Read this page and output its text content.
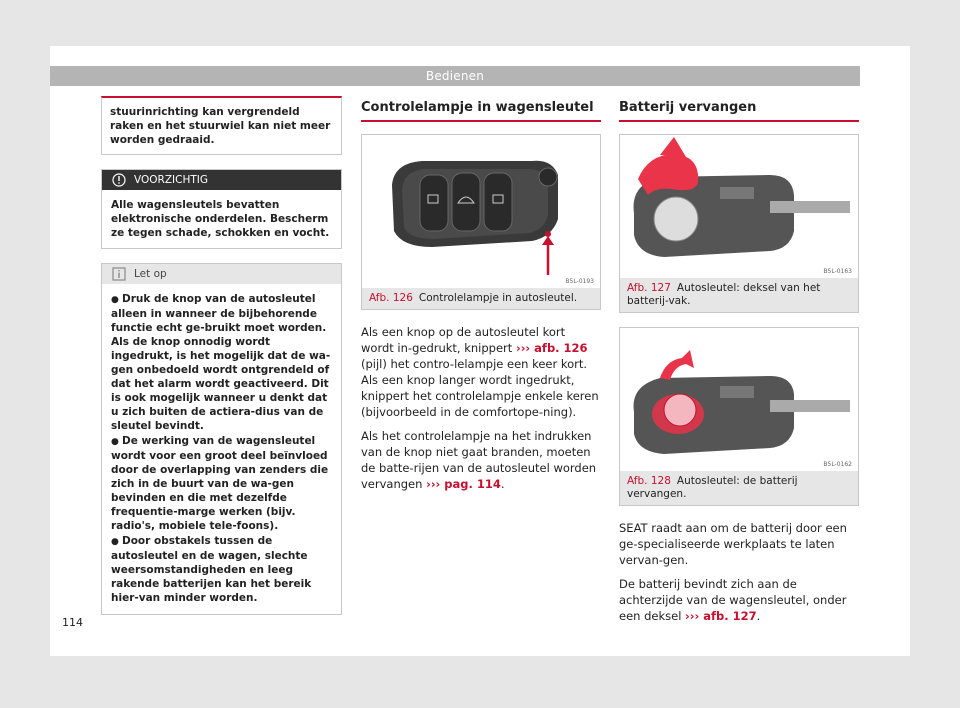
Bedienen
stuurinrichting kan vergrendeld raken en het stuurwiel kan niet meer worden gedraaid.
VOORZICHTIG
Alle wagensleutels bevatten elektronische onderdelen. Bescherm ze tegen schade, schokken en vocht.
Let op
● Druk de knop van de autosleutel alleen in wanneer de bijbehorende functie echt ge-bruikt moet worden. Als de knop onnodig wordt ingedrukt, is het mogelijk dat de wa-gen onbedoeld wordt ontgrendeld of dat het alarm wordt geactiveerd. Dit is ook mogelijk wanneer u denkt dat u zich buiten de actiera-dius van de sleutel bevindt.
● De werking van de wagensleutel wordt voor een groot deel beïnvloed door de overlapping van zenders die zich in de buurt van de wa-gen bevinden en die met dezelfde frequentie-marge werken (bijv. radio's, mobiele tele-foons).
● Door obstakels tussen de autosleutel en de wagen, slechte weersomstandigheden en leeg rakende batterijen kan het bereik hier-van minder worden.
Controlelampje in wagensleutel
B5L-0193
Afb. 126 Controlelampje in autosleutel.

Als een knop op de autosleutel kort wordt in-gedrukt, knippert ››› afb. 126 (pijl) het contro-lelampje een keer kort. Als een knop langer wordt ingedrukt, knippert het controlelampje enkele keren (bijvoorbeeld in de comfortope-ning).

Als het controlelampje na het indrukken van de knop niet gaat branden, moeten de batte-rijen van de autosleutel worden vervangen ››› pag. 114.

Batterij vervangen
B5L-0163
Afb. 127 Autosleutel: deksel van het batterij-vak.
B5L-0162
Afb. 128 Autosleutel: de batterij vervangen.

SEAT raadt aan om de batterij door een ge-specialiseerde werkplaats te laten vervan-gen.

De batterij bevindt zich aan de achterzijde van de wagensleutel, onder een deksel ››› afb. 127.

114
